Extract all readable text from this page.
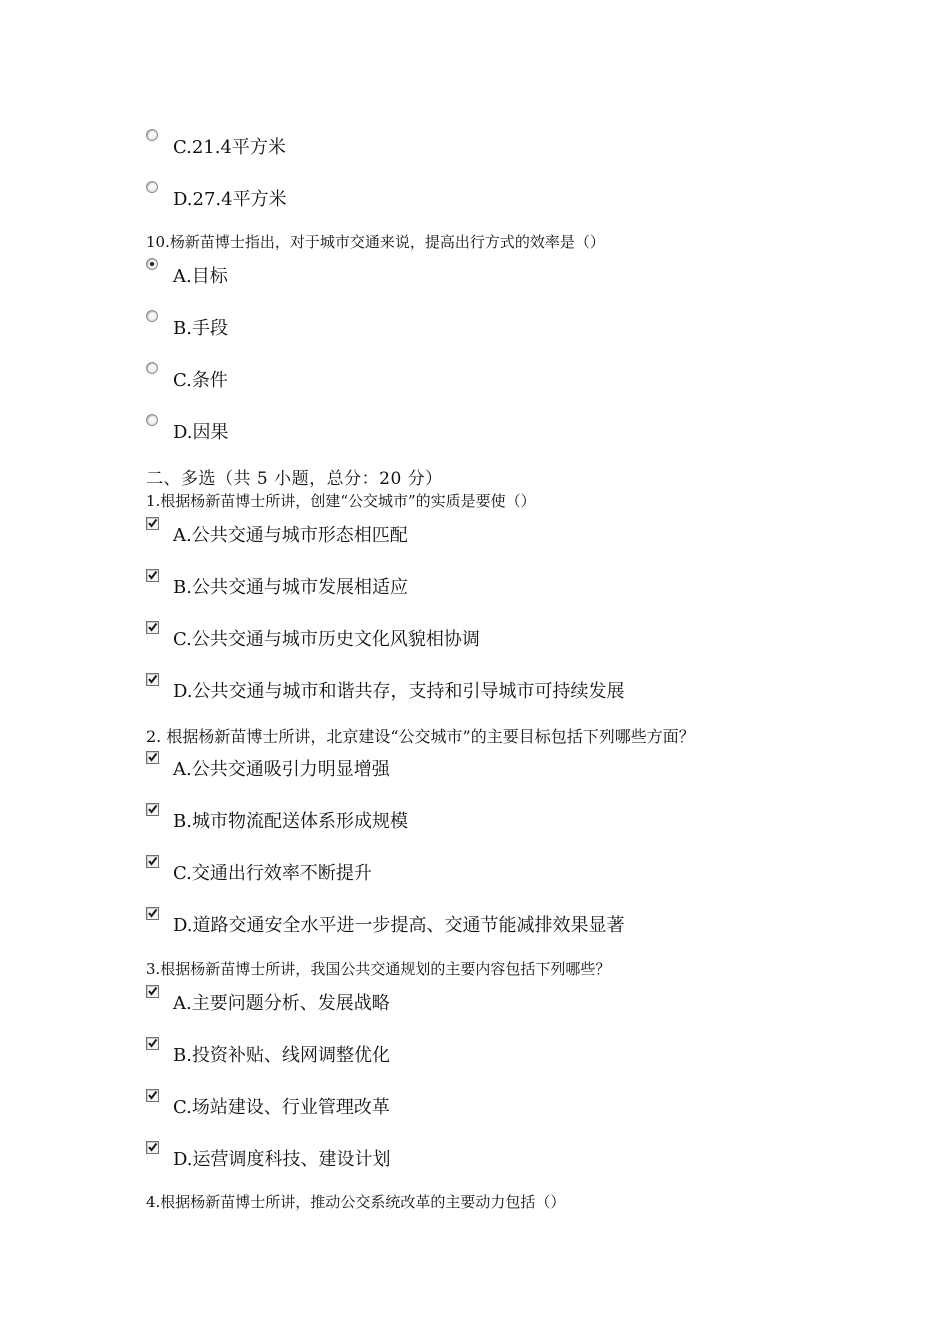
C.21.4平方米
D.27.4平方米
10.杨新苗博士指出，对于城市交通来说，提高出行方式的效率是（）
A.目标
B.手段
C.条件
D.因果
二、多选（共 5 小题，总分：20 分）
1.根据杨新苗博士所讲，创建“公交城市”的实质是要使（）
A.公共交通与城市形态相匹配
B.公共交通与城市发展相适应
C.公共交通与城市历史文化风貌相协调
D.公共交通与城市和谐共存，支持和引导城市可持续发展
2. 根据杨新苗博士所讲，北京建设“公交城市”的主要目标包括下列哪些方面？
A.公共交通吸引力明显增强
B.城市物流配送体系形成规模
C.交通出行效率不断提升
D.道路交通安全水平进一步提高、交通节能减排效果显著
3.根据杨新苗博士所讲，我国公共交通规划的主要内容包括下列哪些？
A.主要问题分析、发展战略
B.投资补贴、线网调整优化
C.场站建设、行业管理改革
D.运营调度科技、建设计划
4.根据杨新苗博士所讲，推动公交系统改革的主要动力包括（）
